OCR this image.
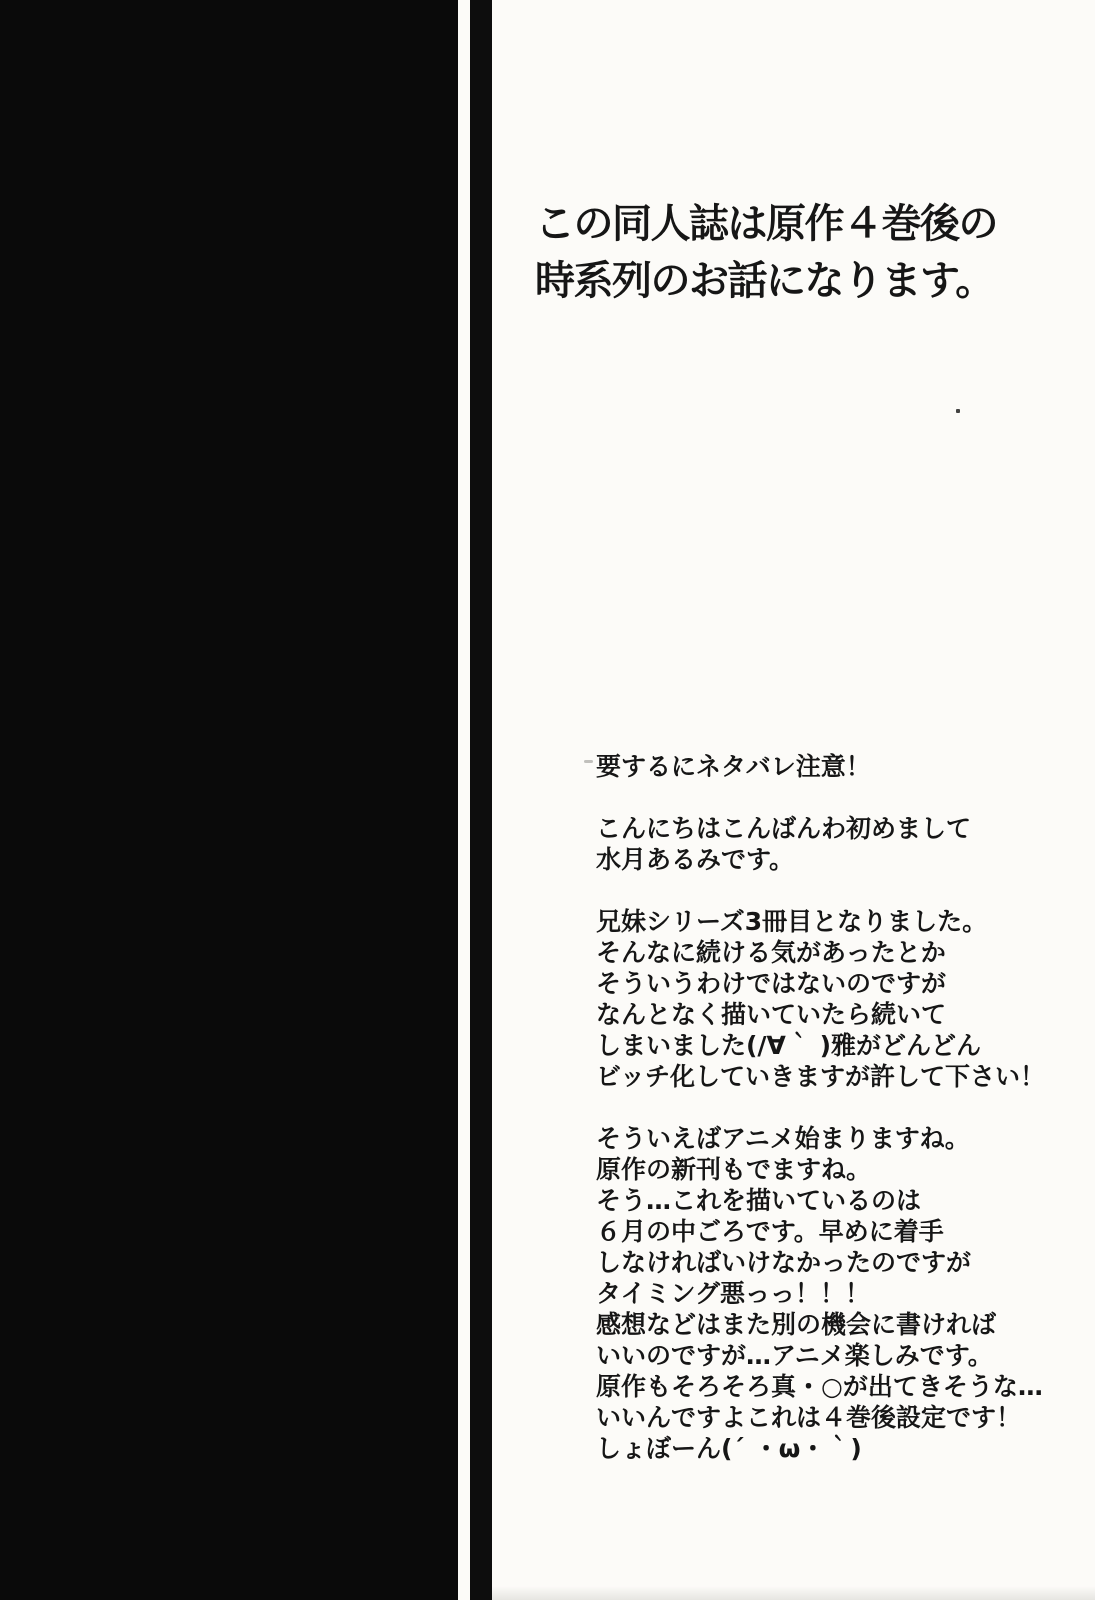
この同人誌は原作４巻後の
時系列のお話になります。

要するにネタバレ注意！

こんにちはこんばんわ初めまして
水月あるみです。

兄妹シリーズ3冊目となりました。
そんなに続ける気があったとか
そういうわけではないのですが
なんとなく描いていたら続いて
しまいました(/∀｀ )雅がどんどん
ビッチ化していきますが許して下さい！

そういえばアニメ始まりますね。
原作の新刊もでますね。
そう…これを描いているのは
６月の中ごろです。早めに着手
しなければいけなかったのですが
タイミング悪っっ！！！
感想などはまた別の機会に書ければ
いいのですが…アニメ楽しみです。
原作もそろそろ真・○が出てきそうな…
いいんですよこれは４巻後設定です！
しょぼーん(´ ・ω・｀)
